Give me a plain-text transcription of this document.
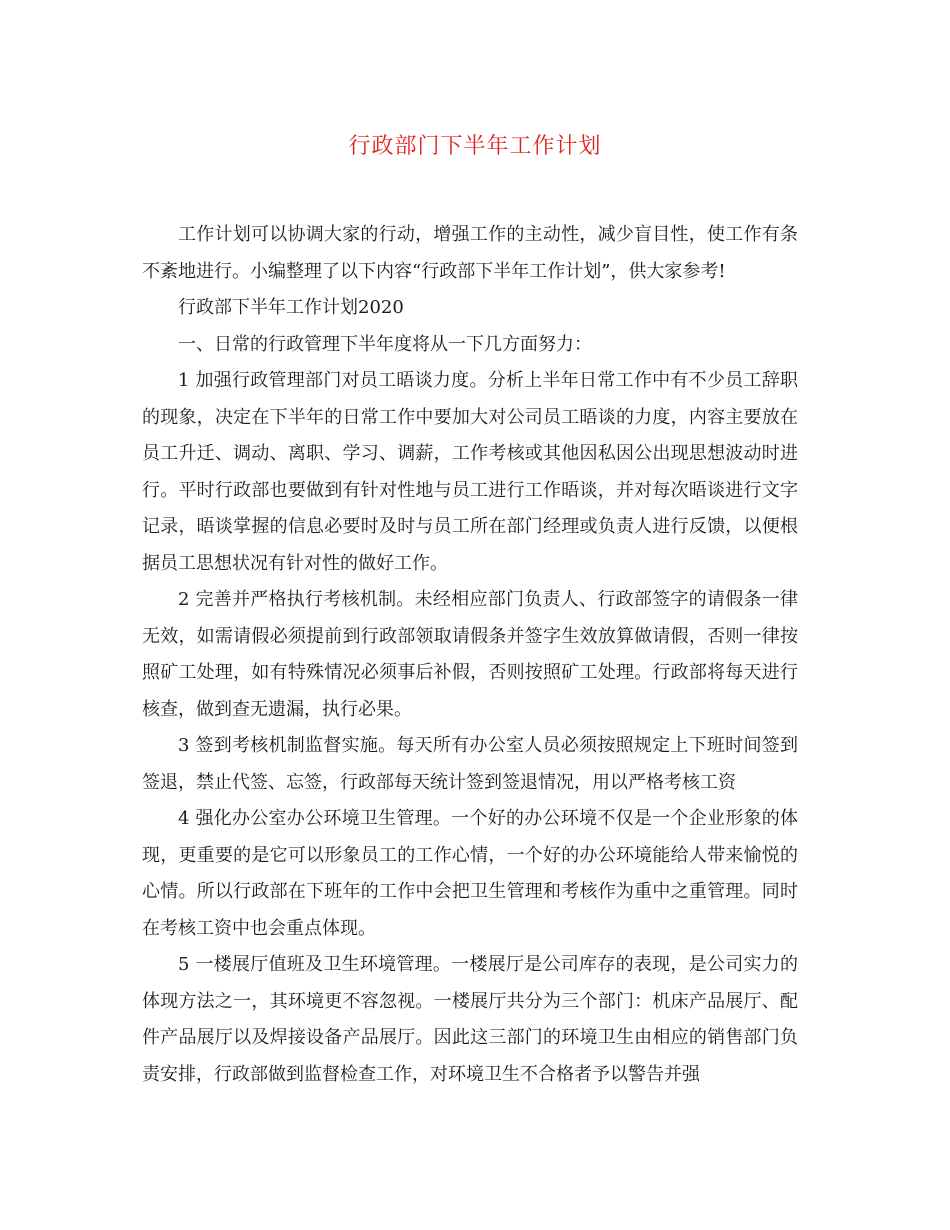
行政部门下半年工作计划

工作计划可以协调大家的行动，增强工作的主动性，减少盲目性，使工作有条不紊地进行。小编整理了以下内容“行政部下半年工作计划”，供大家参考!

行政部下半年工作计划2020

一、日常的行政管理下半年度将从一下几方面努力：

1 加强行政管理部门对员工晤谈力度。分析上半年日常工作中有不少员工辞职的现象，决定在下半年的日常工作中要加大对公司员工晤谈的力度，内容主要放在员工升迁、调动、离职、学习、调薪，工作考核或其他因私因公出现思想波动时进行。平时行政部也要做到有针对性地与员工进行工作晤谈，并对每次晤谈进行文字记录，晤谈掌握的信息必要时及时与员工所在部门经理或负责人进行反馈，以便根据员工思想状况有针对性的做好工作。

2 完善并严格执行考核机制。未经相应部门负责人、行政部签字的请假条一律无效，如需请假必须提前到行政部领取请假条并签字生效放算做请假，否则一律按照矿工处理，如有特殊情况必须事后补假，否则按照矿工处理。行政部将每天进行核查，做到查无遗漏，执行必果。

3 签到考核机制监督实施。每天所有办公室人员必须按照规定上下班时间签到签退，禁止代签、忘签，行政部每天统计签到签退情况，用以严格考核工资

4 强化办公室办公环境卫生管理。一个好的办公环境不仅是一个企业形象的体现，更重要的是它可以形象员工的工作心情，一个好的办公环境能给人带来愉悦的心情。所以行政部在下班年的工作中会把卫生管理和考核作为重中之重管理。同时在考核工资中也会重点体现。

5 一楼展厅值班及卫生环境管理。一楼展厅是公司库存的表现，是公司实力的体现方法之一，其环境更不容忽视。一楼展厅共分为三个部门：机床产品展厅、配件产品展厅以及焊接设备产品展厅。因此这三部门的环境卫生由相应的销售部门负责安排，行政部做到监督检查工作，对环境卫生不合格者予以警告并强
